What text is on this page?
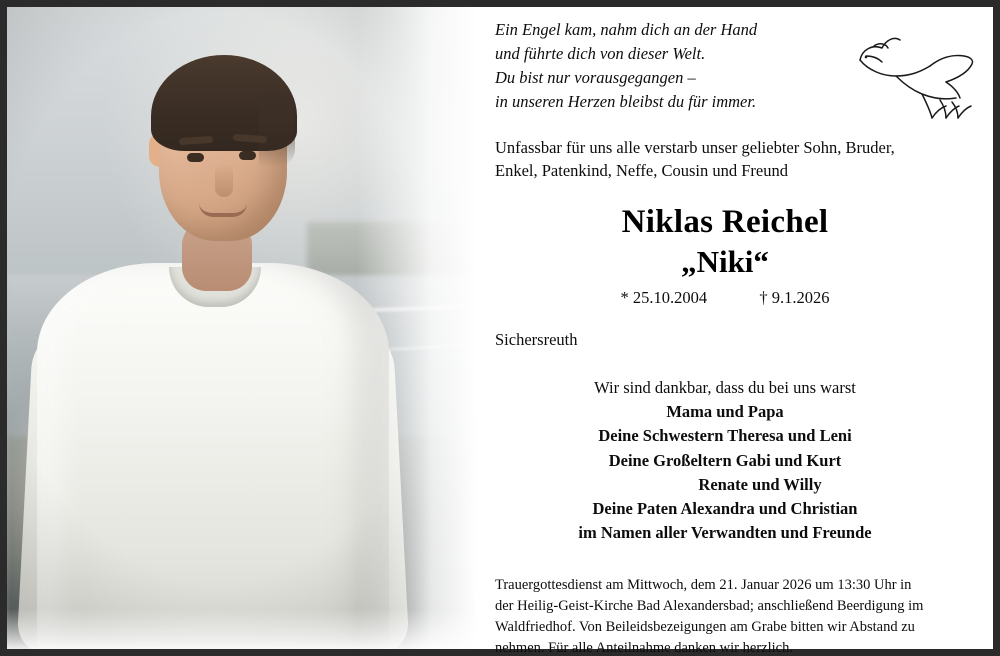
Ein Engel kam, nahm dich an der Hand
und führte dich von dieser Welt.
Du bist nur vorausgegangen –
in unseren Herzen bleibst du für immer.
Unfassbar für uns alle verstarb unser geliebter Sohn, Bruder,
Enkel, Patenkind, Neffe, Cousin und Freund
Niklas Reichel
„Niki“
* 25.10.2004	† 9.1.2026
Sichersreuth
Wir sind dankbar, dass du bei uns warst
Mama und Papa
Deine Schwestern Theresa und Leni
Deine Großeltern Gabi und Kurt
Renate und Willy
Deine Paten Alexandra und Christian
im Namen aller Verwandten und Freunde
Trauergottesdienst am Mittwoch, dem 21. Januar 2026 um 13:30 Uhr in
der Heilig-Geist-Kirche Bad Alexandersbad; anschließend Beerdigung im
Waldfriedhof. Von Beileidsbezeigungen am Grabe bitten wir Abstand zu
nehmen. Für alle Anteilnahme danken wir herzlich.
